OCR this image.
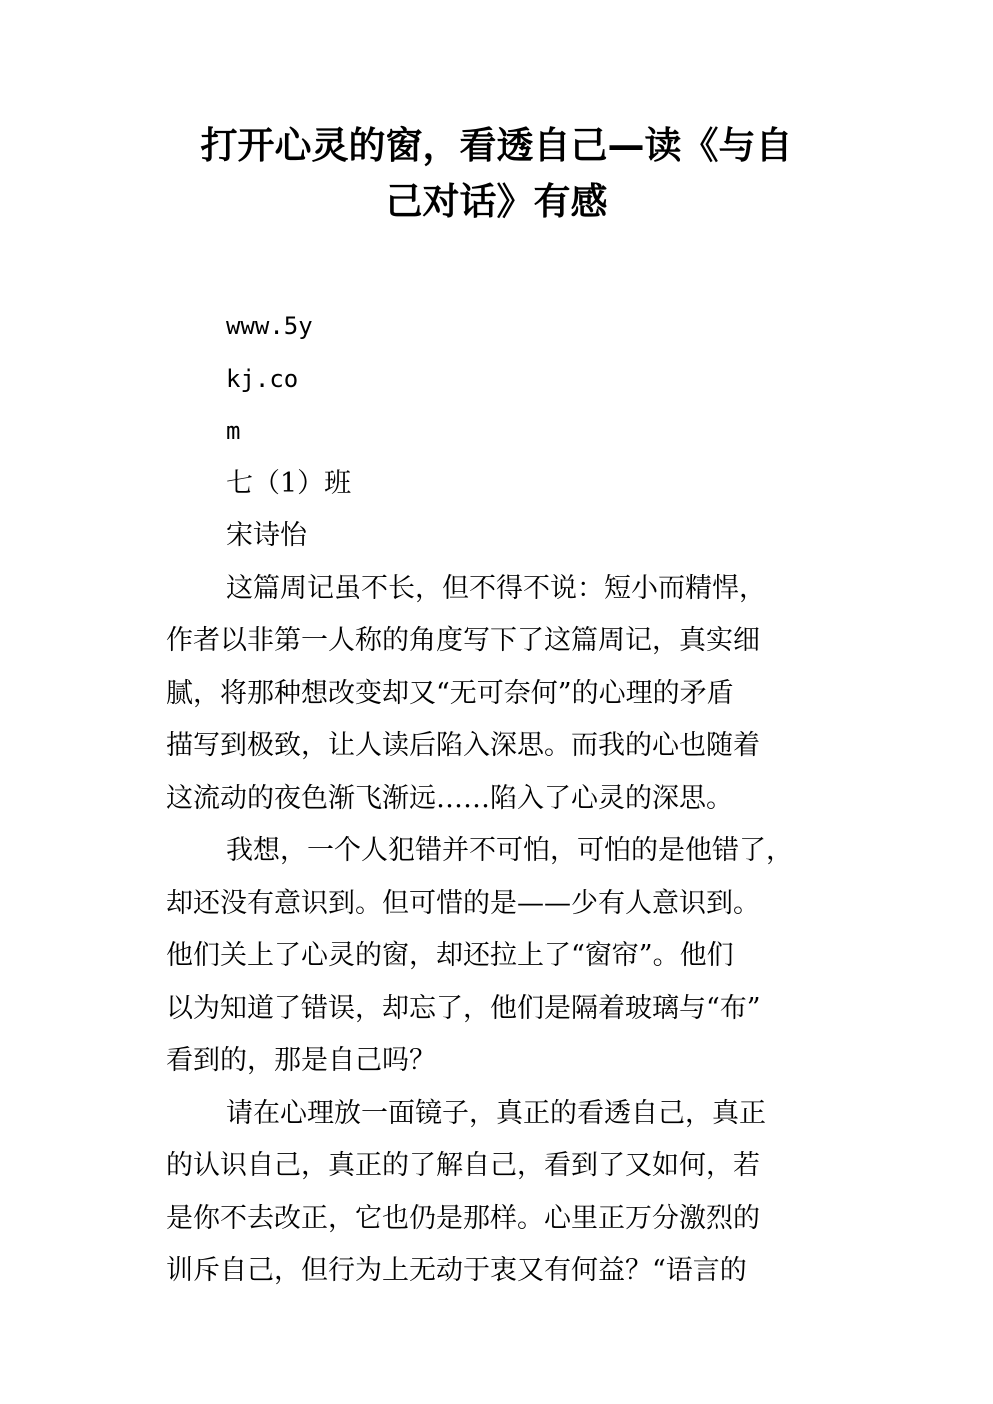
打开心灵的窗，看透自己—读《与自
己对话》有感
www.5y
kj.co
m
七（1）班
宋诗怡

这篇周记虽不长，但不得不说：短小而精悍，
作者以非第一人称的角度写下了这篇周记，真实细
腻，将那种想改变却又“无可奈何”的心理的矛盾
描写到极致，让人读后陷入深思。而我的心也随着
这流动的夜色渐飞渐远……陷入了心灵的深思。

我想，一个人犯错并不可怕，可怕的是他错了，
却还没有意识到。但可惜的是——少有人意识到。
他们关上了心灵的窗，却还拉上了“窗帘”。他们
以为知道了错误，却忘了，他们是隔着玻璃与“布”
看到的，那是自己吗？

请在心理放一面镜子，真正的看透自己，真正
的认识自己，真正的了解自己，看到了又如何，若
是你不去改正，它也仍是那样。心里正万分激烈的
训斥自己，但行为上无动于衷又有何益？“语言的
